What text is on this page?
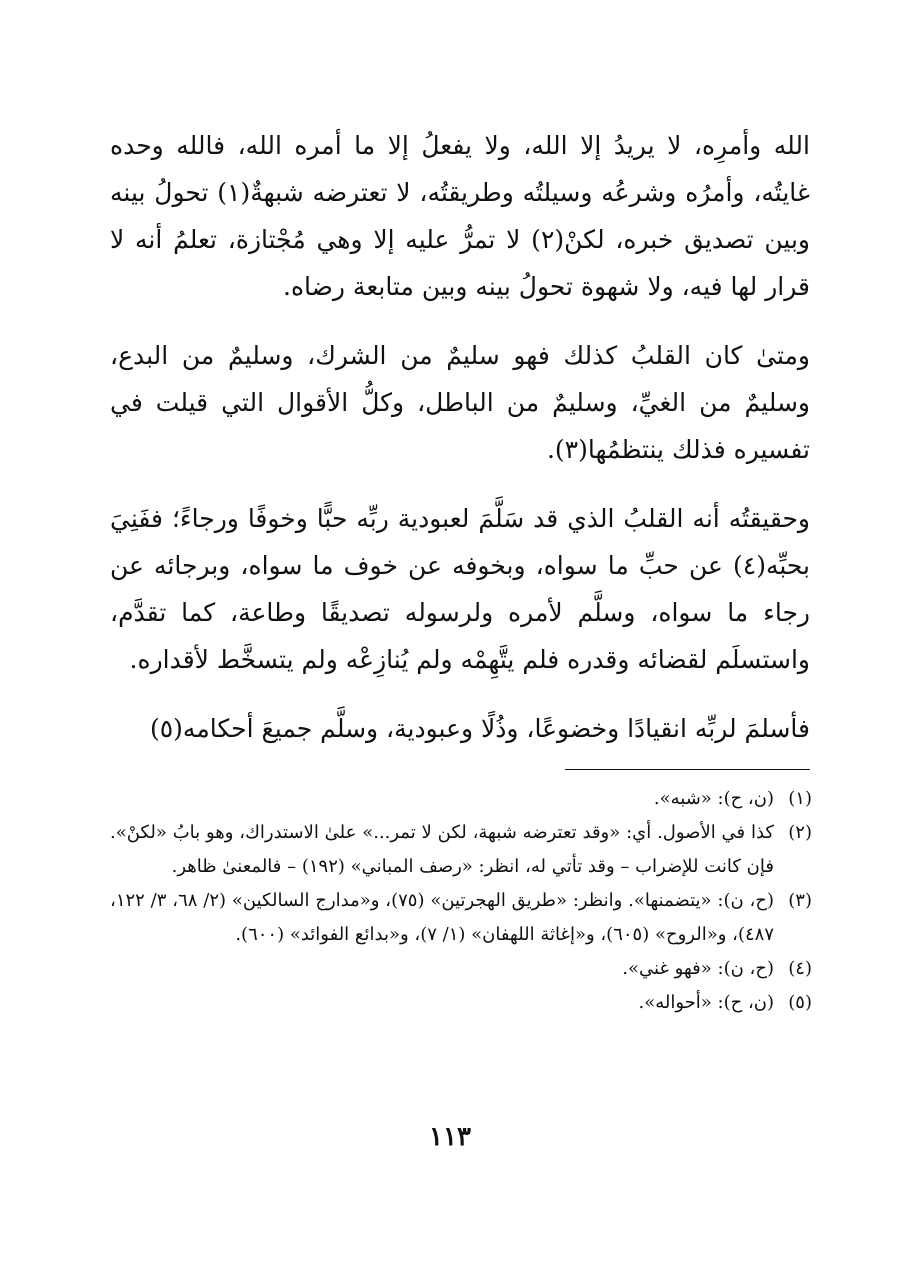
الله وأمرِه، لا يريدُ إلا الله، ولا يفعلُ إلا ما أمره الله، فالله وحده غايتُه، وأمرُه وشرعُه وسيلتُه وطريقتُه، لا تعترضه شبهةٌ(١) تحولُ بينه وبين تصديق خبره، لكنْ(٢) لا تمرُّ عليه إلا وهي مُجْتازة، تعلمُ أنه لا قرار لها فيه، ولا شهوة تحولُ بينه وبين متابعة رضاه.

ومتىٰ كان القلبُ كذلك فهو سليمٌ من الشرك، وسليمٌ من البدع، وسليمٌ من الغيِّ، وسليمٌ من الباطل، وكلُّ الأقوال التي قيلت في تفسيره فذلك ينتظمُها(٣).

وحقيقتُه أنه القلبُ الذي قد سَلَّمَ لعبودية ربِّه حبًّا وخوفًا ورجاءً؛ ففَنِيَ بحبِّه(٤) عن حبِّ ما سواه، وبخوفه عن خوف ما سواه، وبرجائه عن رجاء ما سواه، وسلَّم لأمره ولرسوله تصديقًا وطاعة، كما تقدَّم، واستسلَم لقضائه وقدره فلم يتَّهِمْه ولم يُنازِعْه ولم يتسخَّط لأقداره.

فأسلمَ لربِّه انقيادًا وخضوعًا، وذُلًا وعبودية، وسلَّم جميعَ أحكامه(٥)

(١)
(ن، ح): «شبه».
(٢)
كذا في الأصول. أي: «وقد تعترضه شبهة، لكن لا تمر...» علىٰ الاستدراك، وهو بابُ «لكنْ». فإن كانت للإضراب – وقد تأتي له، انظر: «رصف المباني» (١٩٢) – فالمعنىٰ ظاهر.
(٣)
(ح، ن): «يتضمنها». وانظر: «طريق الهجرتين» (٧٥)، و«مدارج السالكين» (٢/ ٦٨، ٣/ ١٢٢، ٤٨٧)، و«الروح» (٦٠٥)، و«إغاثة اللهفان» (١/ ٧)، و«بدائع الفوائد» (٦٠٠).
(٤)
(ح، ن): «فهو غني».
(٥)
(ن، ح): «أحواله».
١١٣
